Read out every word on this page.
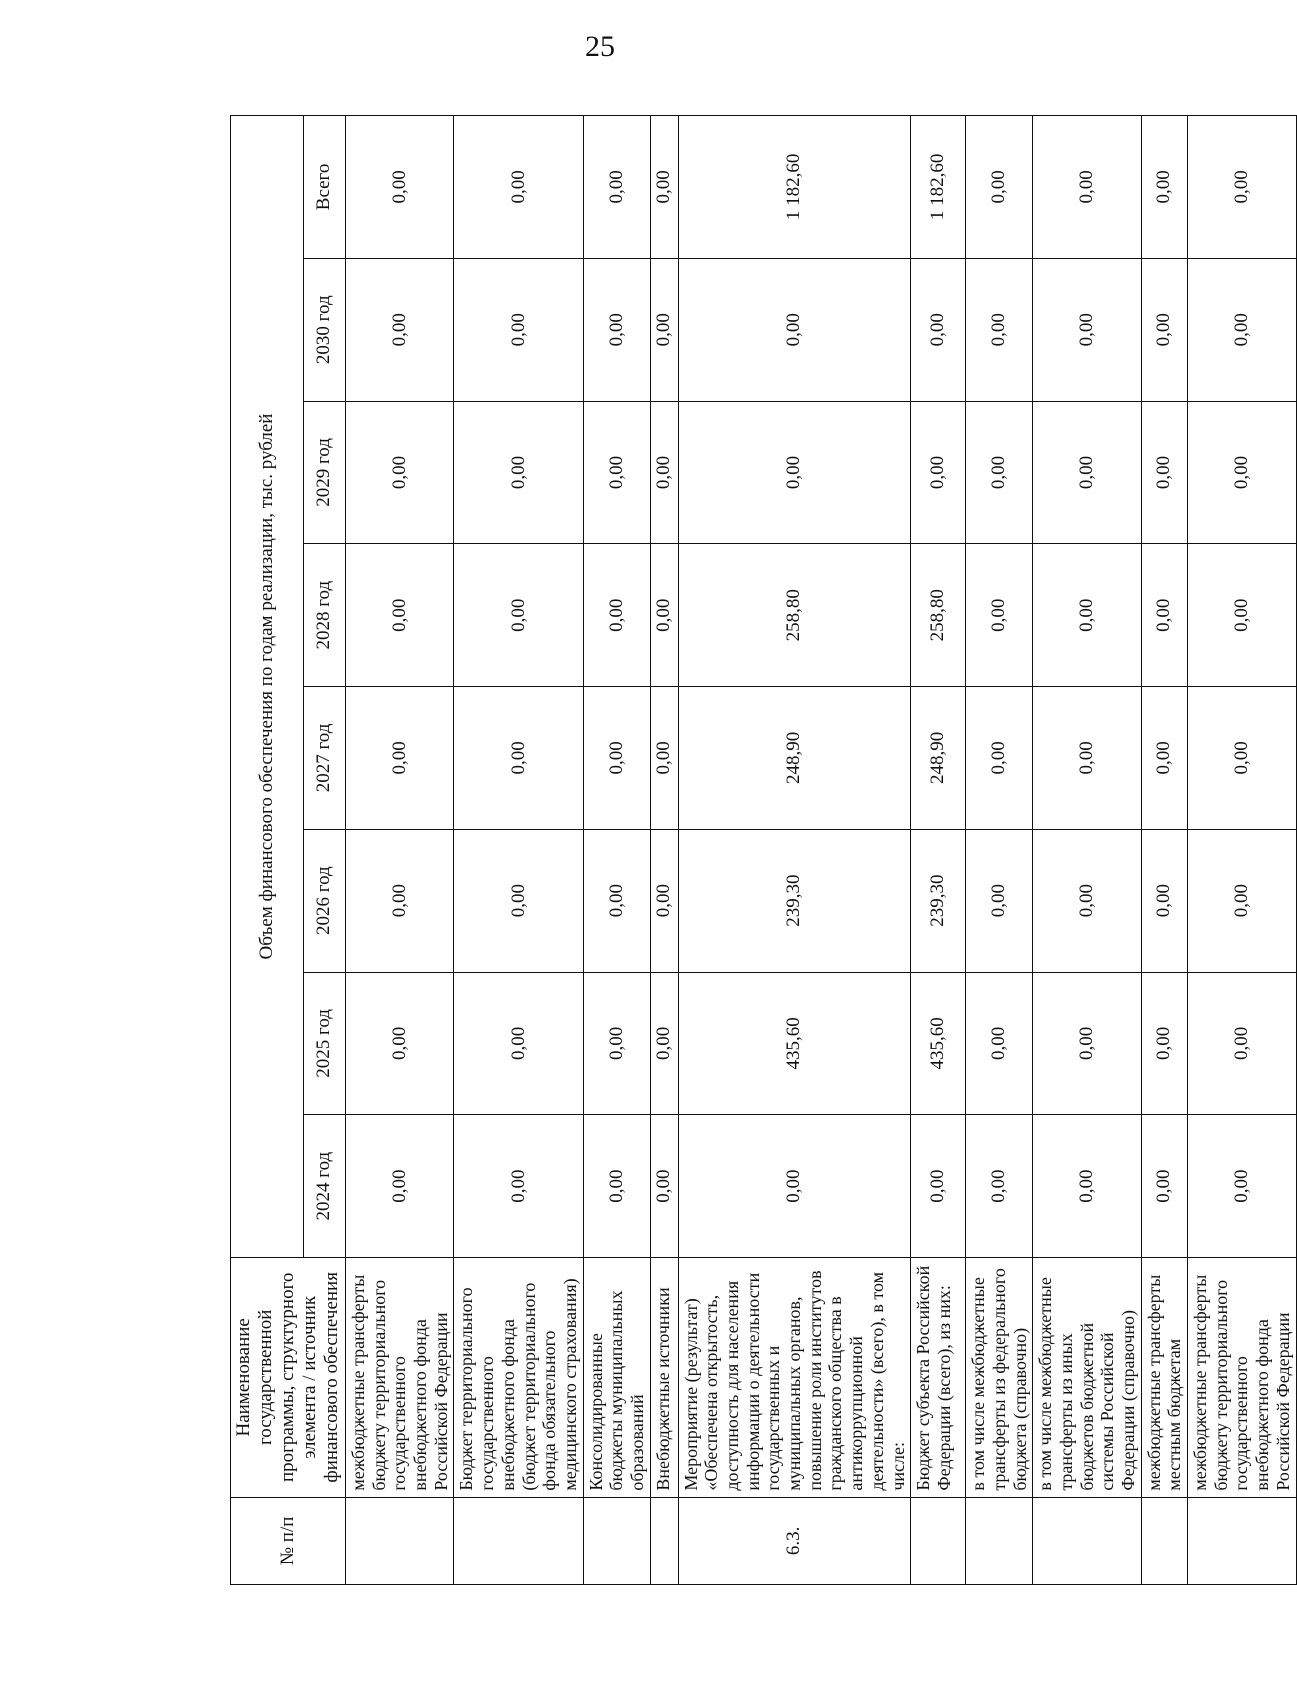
25
№ п/п	Наименование государственной программы, структурного элемента / источник финансового обеспечения	Объем финансового обеспечения по годам реализации, тыс. рублей							
		2024 год	2025 год	2026 год	2027 год	2028 год	2029 год	2030 год	Всего
	межбюджетные трансферты бюджету территориального государственного внебюджетного фонда Российской Федерации	0,00	0,00	0,00	0,00	0,00	0,00	0,00	0,00
	Бюджет территориального государственного внебюджетного фонда (бюджет территориального фонда обязательного медицинского страхования)	0,00	0,00	0,00	0,00	0,00	0,00	0,00	0,00
	Консолидированные бюджеты муниципальных образований	0,00	0,00	0,00	0,00	0,00	0,00	0,00	0,00
	Внебюджетные источники	0,00	0,00	0,00	0,00	0,00	0,00	0,00	0,00
6.3.	Мероприятие (результат) «Обеспечена открытость, доступность для населения информации о деятельности государственных и муниципальных органов, повышение роли институтов гражданского общества в антикоррупционной деятельности» (всего), в том числе:	0,00	435,60	239,30	248,90	258,80	0,00	0,00	1 182,60
	Бюджет субъекта Российской Федерации (всего), из них:	0,00	435,60	239,30	248,90	258,80	0,00	0,00	1 182,60
	в том числе межбюджетные трансферты из федерального бюджета (справочно)	0,00	0,00	0,00	0,00	0,00	0,00	0,00	0,00
	в том числе межбюджетные трансферты из иных бюджетов бюджетной системы Российской Федерации (справочно)	0,00	0,00	0,00	0,00	0,00	0,00	0,00	0,00
	межбюджетные трансферты местным бюджетам	0,00	0,00	0,00	0,00	0,00	0,00	0,00	0,00
	межбюджетные трансферты бюджету территориального государственного внебюджетного фонда Российской Федерации	0,00	0,00	0,00	0,00	0,00	0,00	0,00	0,00
